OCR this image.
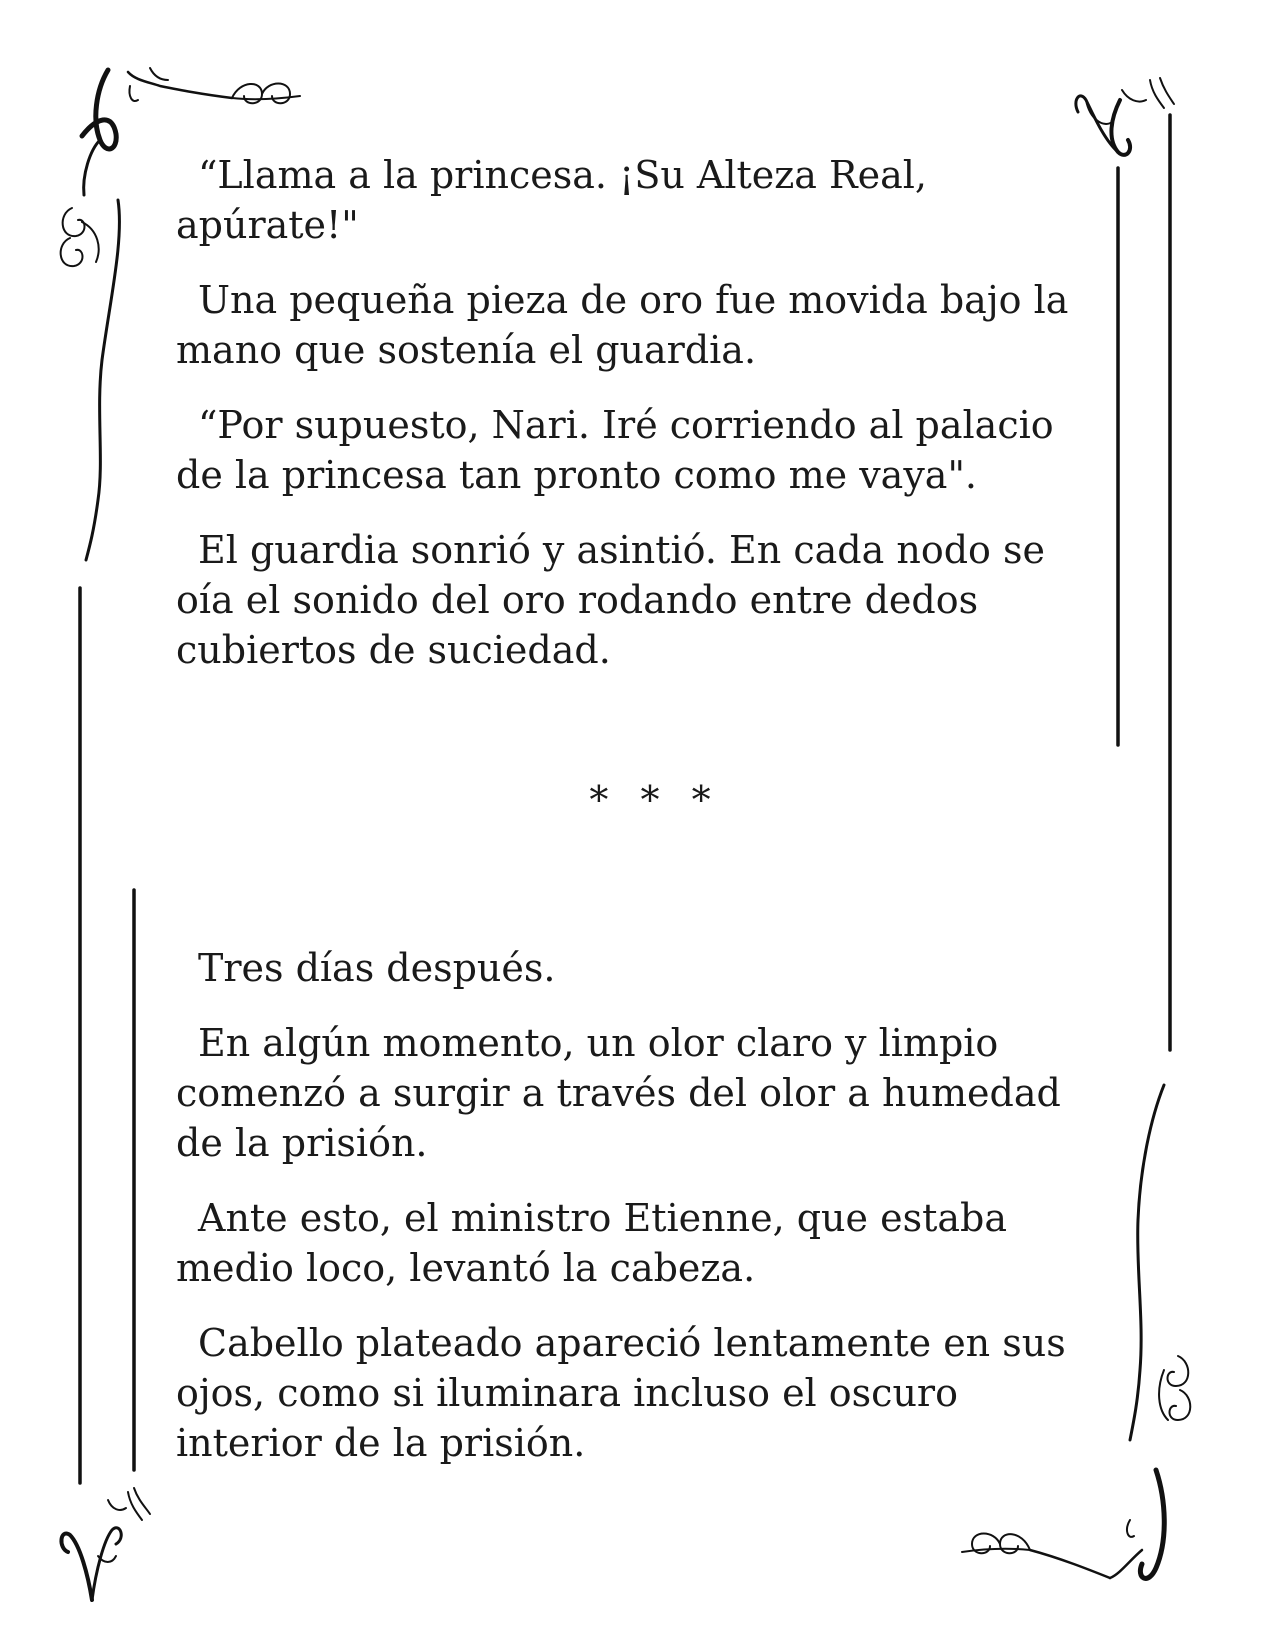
“Llama a la princesa. ¡Su Alteza Real, apúrate!"

Una pequeña pieza de oro fue movida bajo la mano que sostenía el guardia.

“Por supuesto, Nari. Iré corriendo al palacio de la princesa tan pronto como me vaya".

El guardia sonrió y asintió. En cada nodo se oía el sonido del oro rodando entre dedos cubiertos de suciedad.

* * *

Tres días después.

En algún momento, un olor claro y limpio comenzó a surgir a través del olor a humedad de la prisión.

Ante esto, el ministro Etienne, que estaba medio loco, levantó la cabeza.

Cabello plateado apareció lentamente en sus ojos, como si iluminara incluso el oscuro interior de la prisión.
